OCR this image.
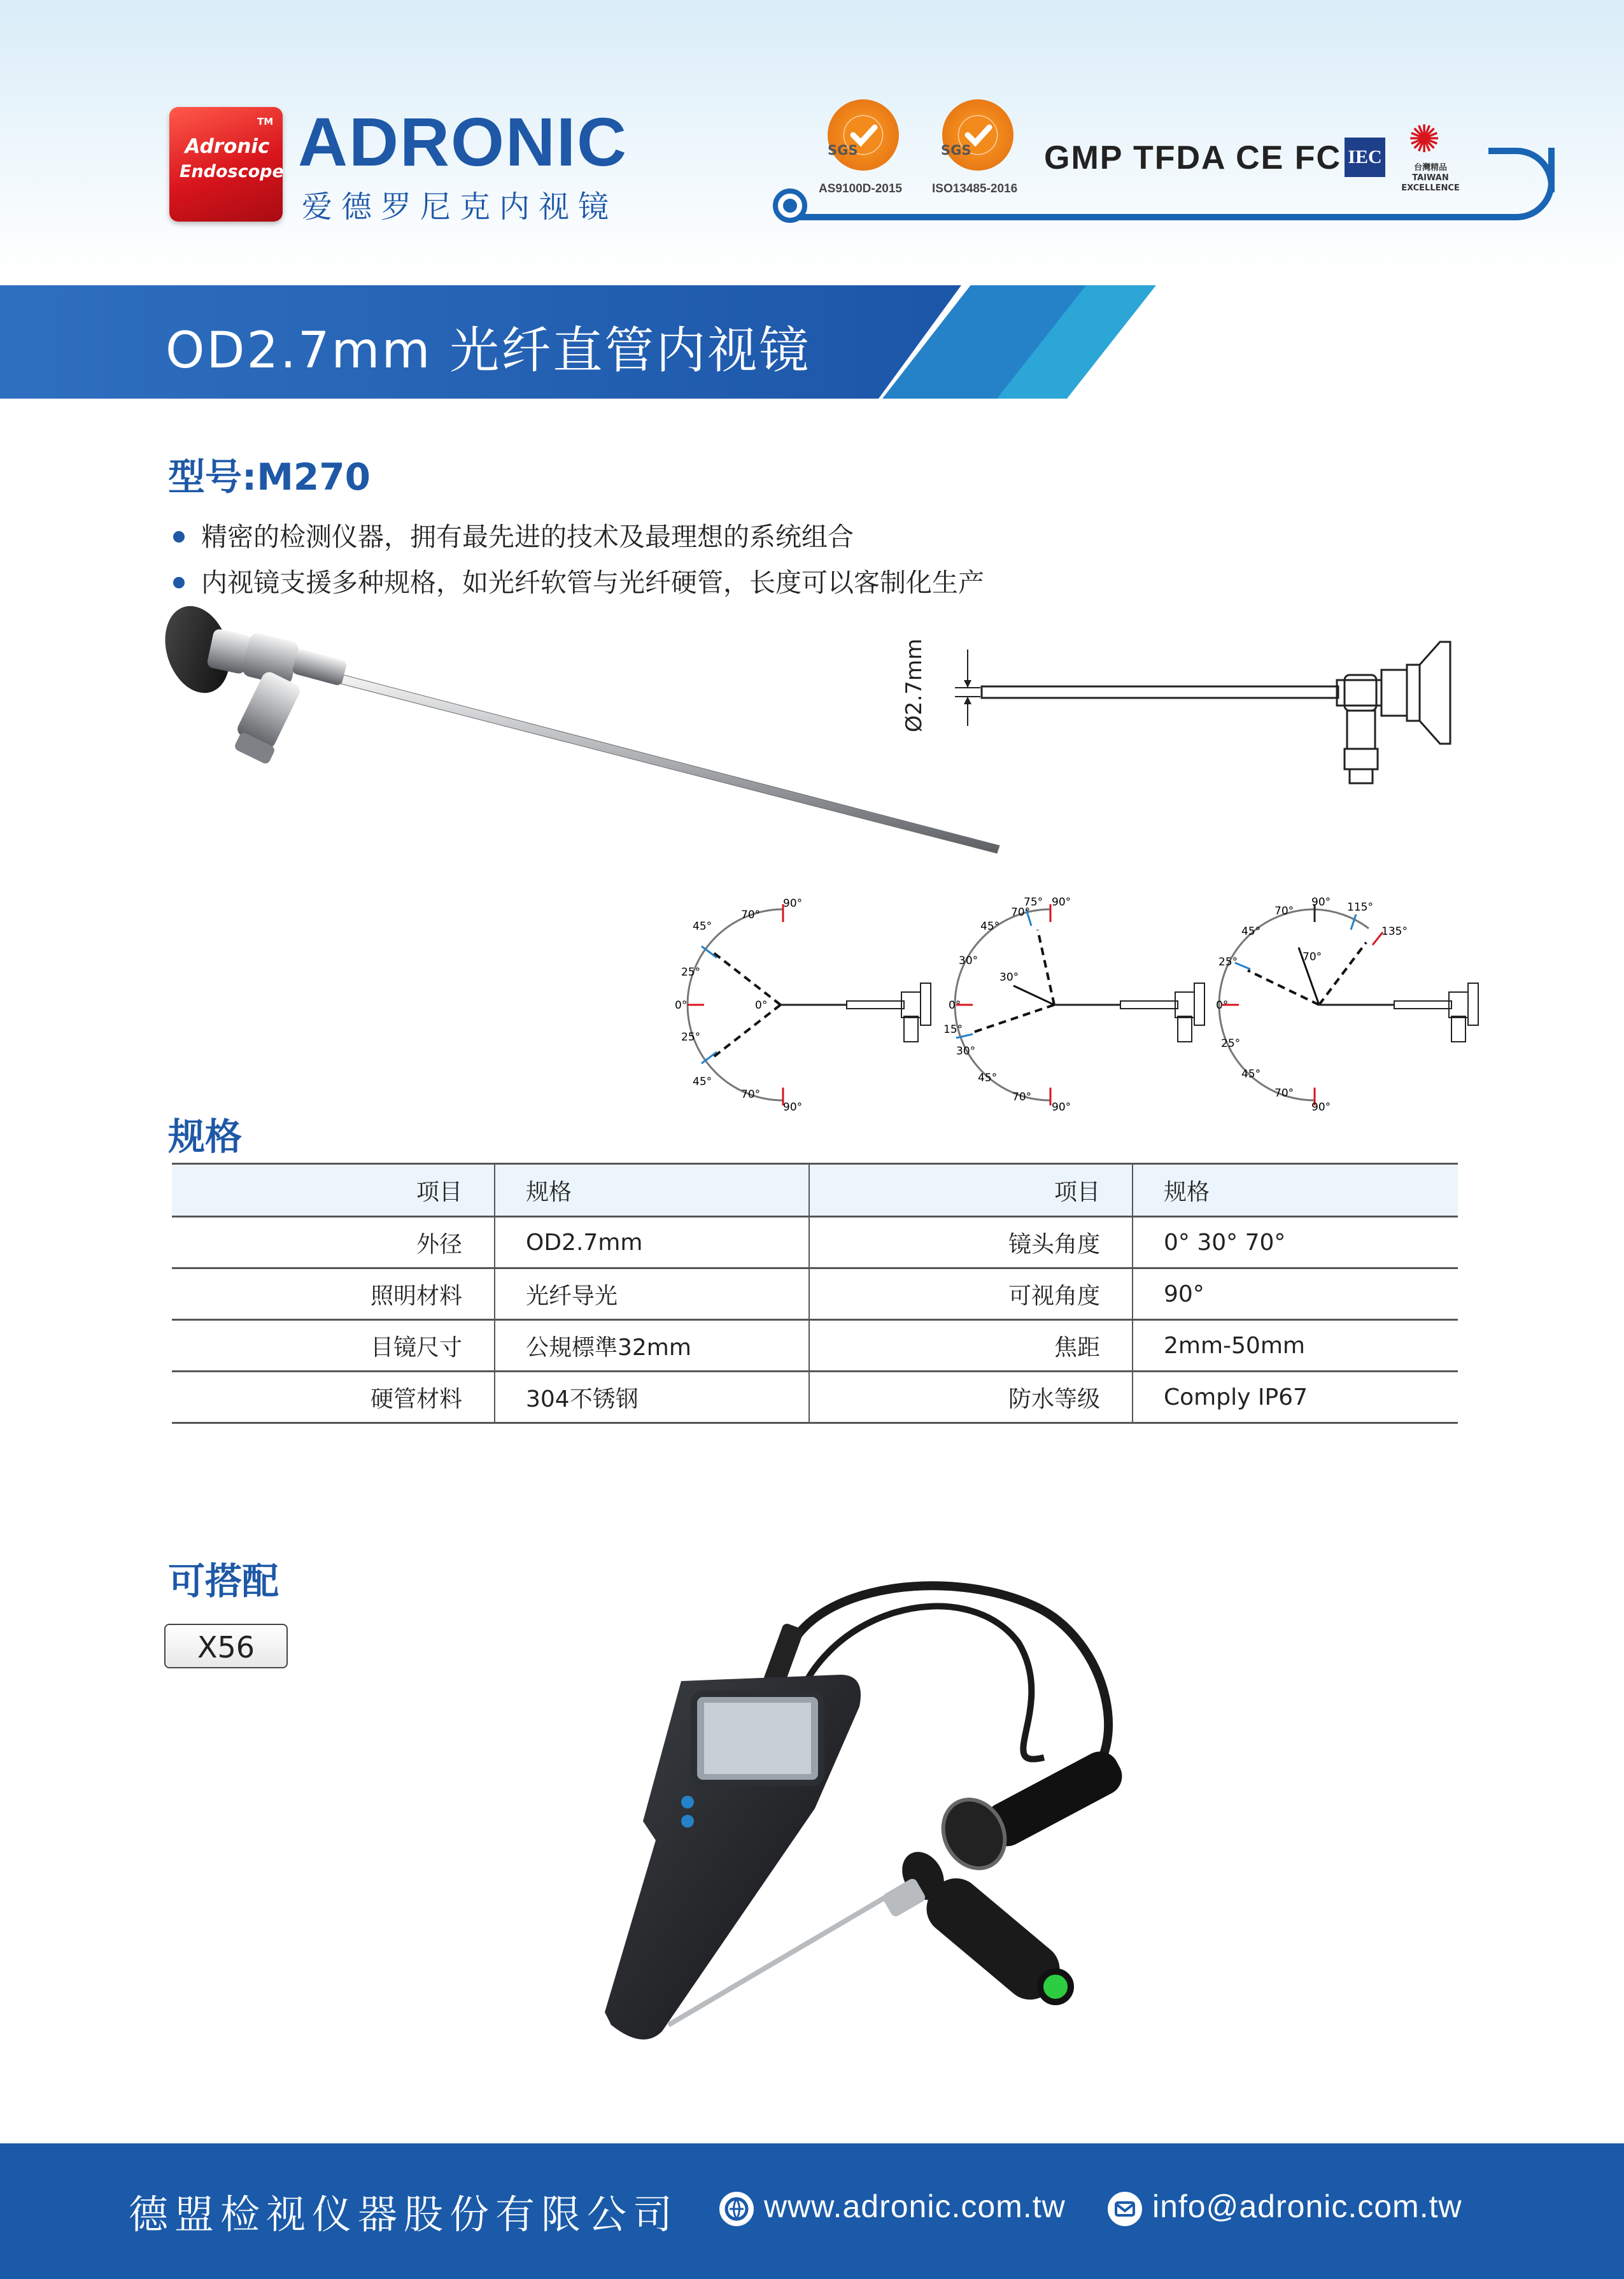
Adronic
Endoscope
TM ADRONIC
爱德罗尼克内视镜
SGS
AS9100D-2015
SGS
ISO13485-2016
GMP TFDA CE FC IEC ✺
台灣精品
TAIWAN EXCELLENCE
OD2.7mm 光纤直管内视镜
型号:M270
精密的检测仪器，拥有最先进的技术及最理想的系统组合
内视镜支援多种规格，如光纤软管与光纤硬管，长度可以客制化生产
Ø2.7mm
90°
70°
45°
25°
0°	0°
25°
45°
70°
90°
75° 90°
70°
45°
30°
30°
0°
15°
30°
45°
70°
90°
90°
70°	115°
135°
45°
25°	70°
0°
25°
45°
70°
90°
规格
项目	规格	项目	规格
外径	OD2.7mm	镜头角度	0° 30° 70°
照明材料	光纤导光	可视角度	90°
目镜尺寸	公規標準32mm	焦距	2mm-50mm
硬管材料	304不锈钢	防水等级	Comply IP67
可搭配
X56
德盟检视仪器股份有限公司	www.adronic.com.tw	info@adronic.com.tw
